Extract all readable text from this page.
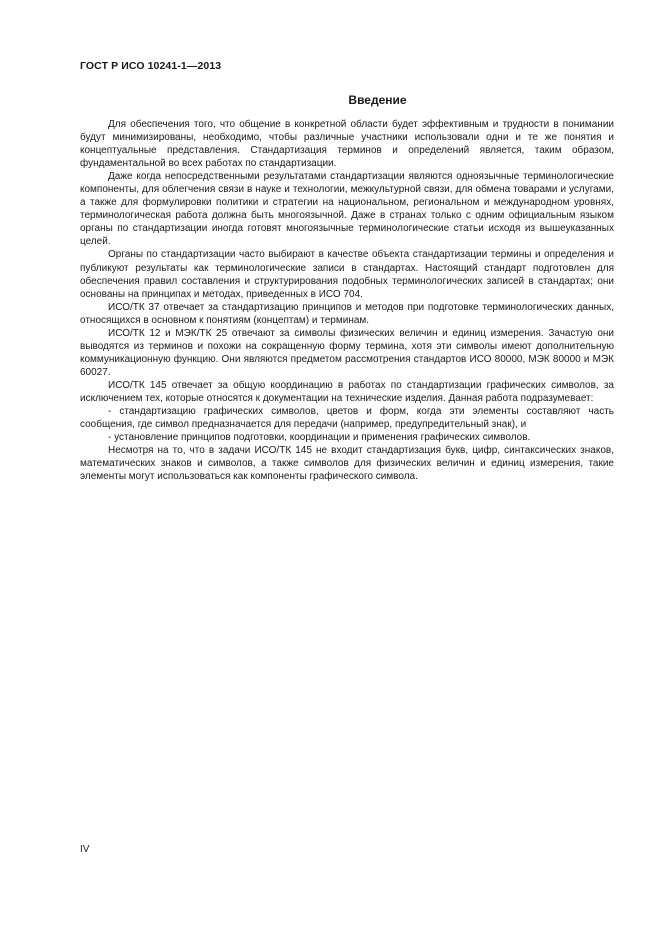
ГОСТ Р ИСО 10241-1—2013
Введение

Для обеспечения того, что общение в конкретной области будет эффективным и трудности в понимании будут минимизированы, необходимо, чтобы различные участники использовали одни и те же понятия и концептуальные представления. Стандартизация терминов и определений является, таким образом, фундаментальной во всех работах по стандартизации.

Даже когда непосредственными результатами стандартизации являются одноязычные терминологические компоненты, для облегчения связи в науке и технологии, межкультурной связи, для обмена товарами и услугами, а также для формулировки политики и стратегии на национальном, региональном и международном уровнях, терминологическая работа должна быть многоязычной. Даже в странах только с одним официальным языком органы по стандартизации иногда готовят многоязычные терминологические статьи исходя из вышеуказанных целей.

Органы по стандартизации часто выбирают в качестве объекта стандартизации термины и определения и публикуют результаты как терминологические записи в стандартах. Настоящий стандарт подготовлен для обеспечения правил составления и структурирования подобных терминологических записей в стандартах; они основаны на принципах и методах, приведенных в ИСО 704.

ИСО/ТК 37 отвечает за стандартизацию принципов и методов при подготовке терминологических данных, относящихся в основном к понятиям (концептам) и терминам.

ИСО/ТК 12 и МЭК/ТК 25 отвечают за символы физических величин и единиц измерения. Зачастую они выводятся из терминов и похожи на сокращенную форму термина, хотя эти символы имеют дополнительную коммуникационную функцию. Они являются предметом рассмотрения стандартов ИСО 80000, МЭК 80000 и МЭК 60027.

ИСО/ТК 145 отвечает за общую координацию в работах по стандартизации графических символов, за исключением тех, которые относятся к документации на технические изделия. Данная работа подразумевает:

- стандартизацию графических символов, цветов и форм, когда эти элементы составляют часть сообщения, где символ предназначается для передачи (например, предупредительный знак), и

- установление принципов подготовки, координации и применения графических символов.

Несмотря на то, что в задачи ИСО/ТК 145 не входит стандартизация букв, цифр, синтаксических знаков, математических знаков и символов, а также символов для физических величин и единиц измерения, такие элементы могут использоваться как компоненты графического символа.

IV
